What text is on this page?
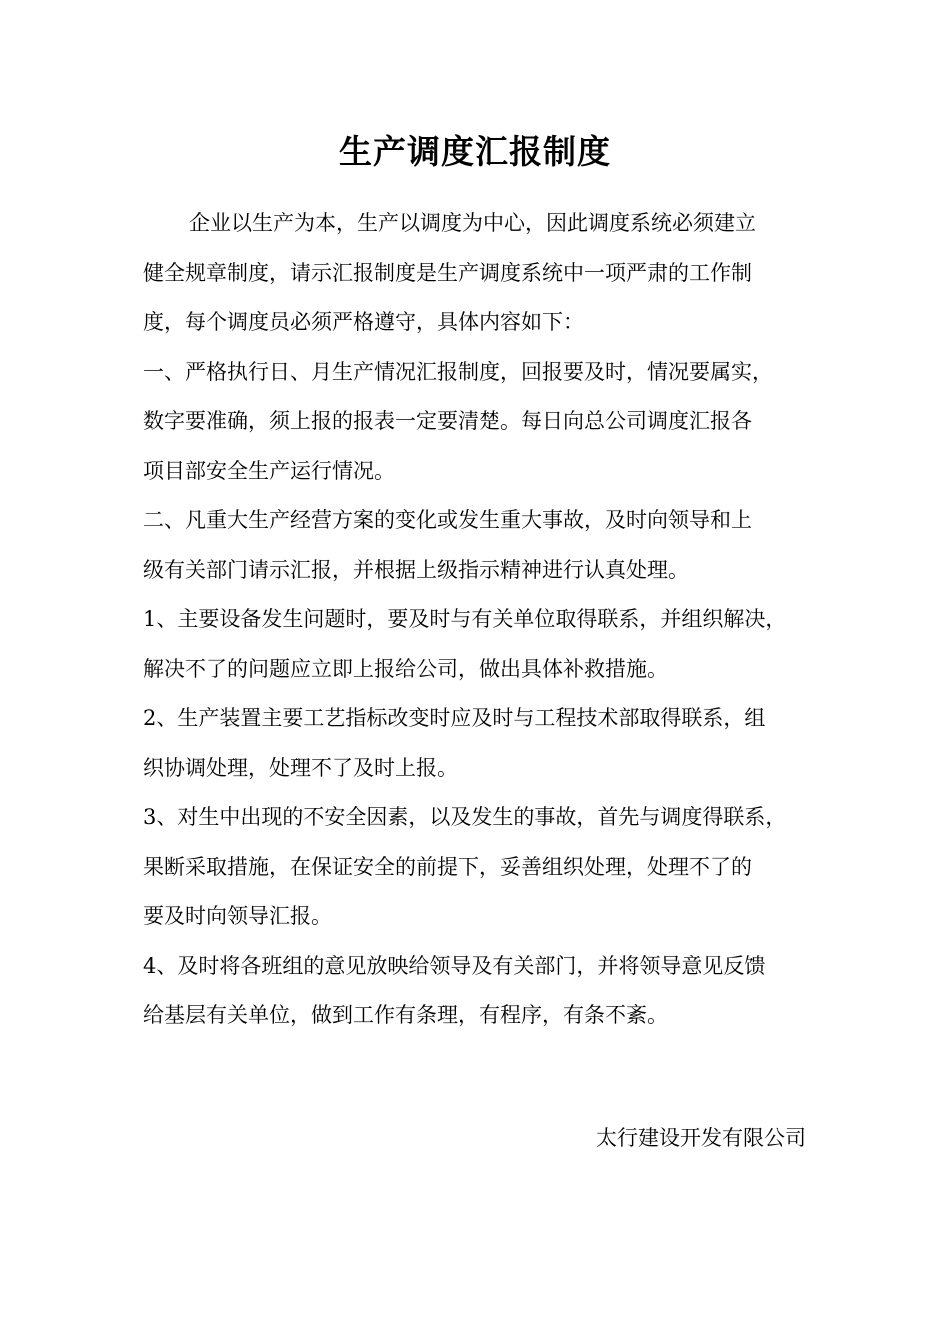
生产调度汇报制度

企业以生产为本，生产以调度为中心，因此调度系统必须建立
健全规章制度，请示汇报制度是生产调度系统中一项严肃的工作制
度，每个调度员必须严格遵守，具体内容如下：

一、严格执行日、月生产情况汇报制度，回报要及时，情况要属实，
数字要准确，须上报的报表一定要清楚。每日向总公司调度汇报各
项目部安全生产运行情况。

二、凡重大生产经营方案的变化或发生重大事故，及时向领导和上
级有关部门请示汇报，并根据上级指示精神进行认真处理。

1、主要设备发生问题时，要及时与有关单位取得联系，并组织解决，
解决不了的问题应立即上报给公司，做出具体补救措施。

2、生产装置主要工艺指标改变时应及时与工程技术部取得联系，组
织协调处理，处理不了及时上报。

3、对生中出现的不安全因素，以及发生的事故，首先与调度得联系，
果断采取措施，在保证安全的前提下，妥善组织处理，处理不了的
要及时向领导汇报。

4、及时将各班组的意见放映给领导及有关部门，并将领导意见反馈
给基层有关单位，做到工作有条理，有程序，有条不紊。

太行建设开发有限公司
